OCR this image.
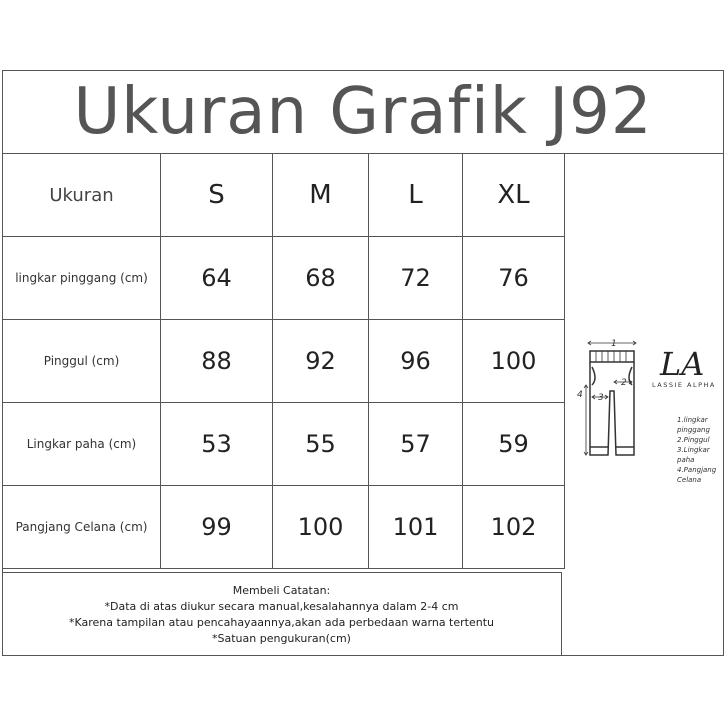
Ukuran Grafik J92
Ukuran	S	M	L	XL
lingkar pinggang (cm)	64	68	72	76
Pinggul (cm)	88	92	96	100
Lingkar paha (cm)	53	55	57	59
Pangjang Celana (cm)	99	100	101	102
Membeli Catatan:
*Data di atas diukur secara manual,kesalahannya dalam 2-4 cm
*Karena tampilan atau pencahayaannya,akan ada perbedaan warna tertentu
*Satuan pengukuran(cm)
1
2
3
4
LA
LASSIE ALPHA
1.lingkar pinggang
2.Pinggul
3.Lingkar paha
4.Pangjang Celana
